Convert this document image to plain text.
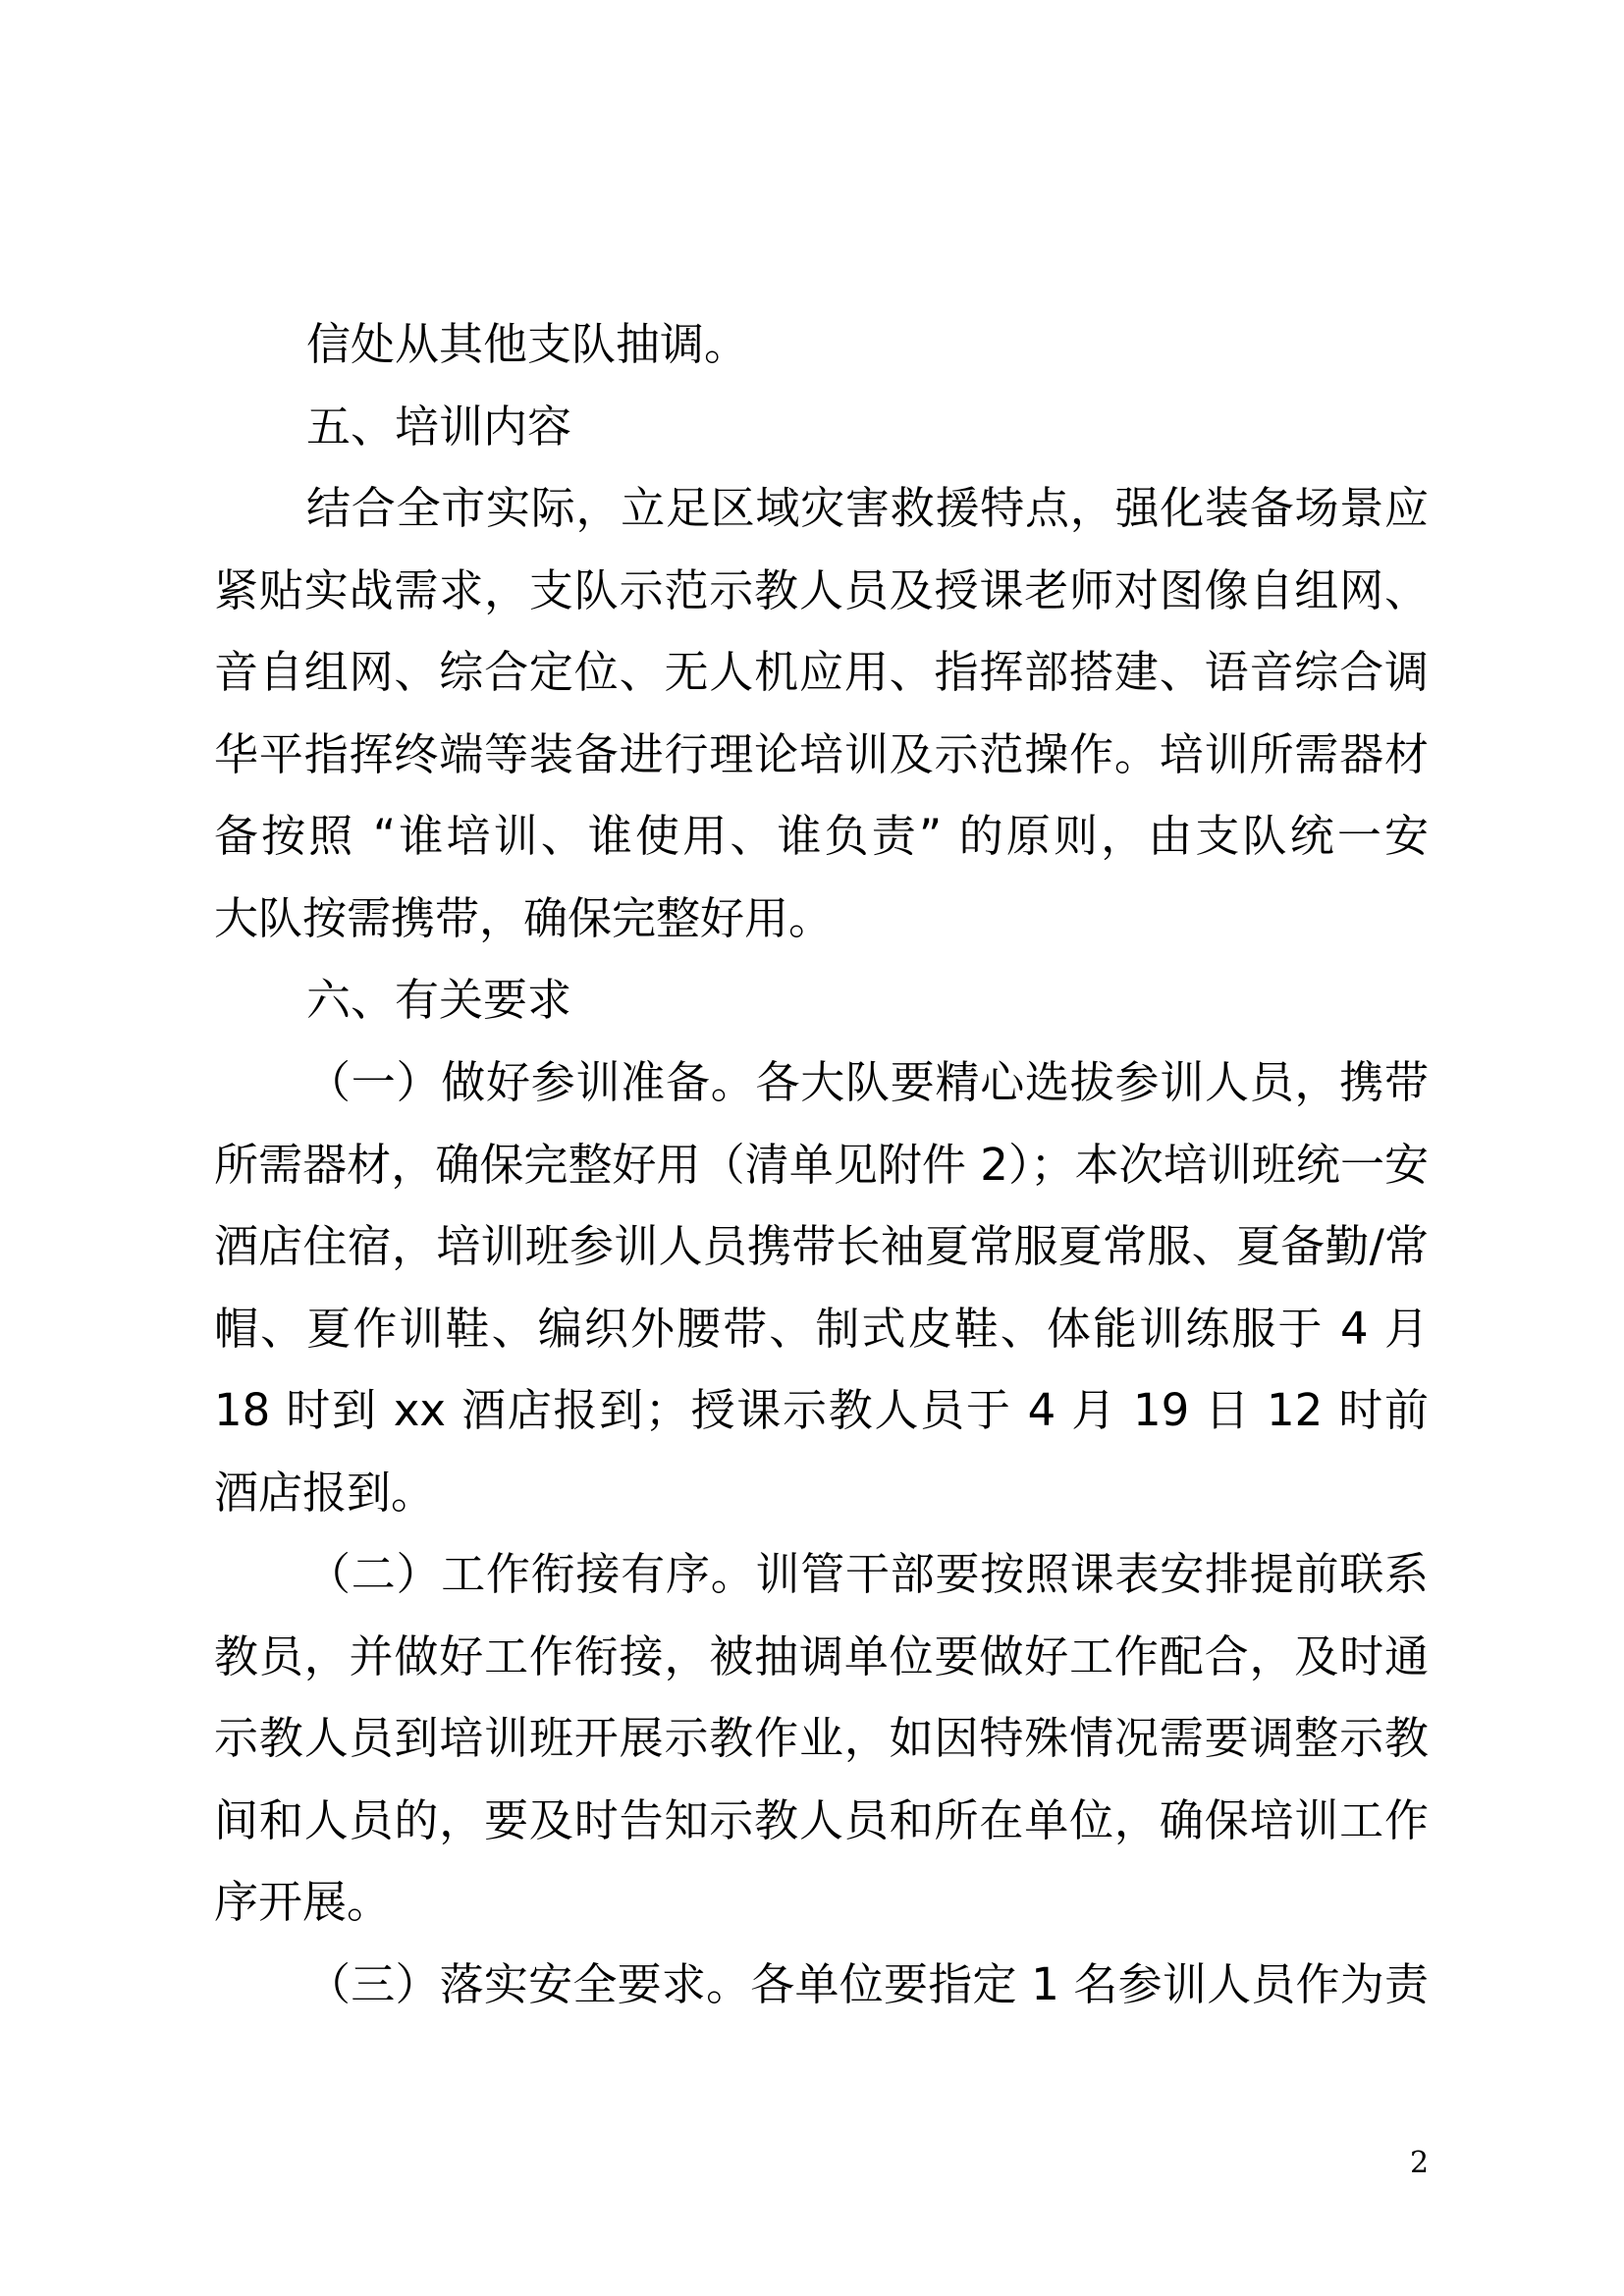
信处从其他支队抽调。
五、培训内容
结合全市实际，立足区域灾害救援特点，强化装备场景应
紧贴实战需求，支队示范示教人员及授课老师对图像自组网、
音自组网、综合定位、无人机应用、指挥部搭建、语音综合调
华平指挥终端等装备进行理论培训及示范操作。培训所需器材
备按照 “谁培训、谁使用、谁负责” 的原则，由支队统一安
大队按需携带，确保完整好用。
六、有关要求
（一）做好参训准备。各大队要精心选拔参训人员，携带
所需器材，确保完整好用（清单见附件 2）；本次培训班统一安
酒店住宿，培训班参训人员携带长袖夏常服夏常服、夏备勤/常
帽、夏作训鞋、编织外腰带、制式皮鞋、体能训练服于 4 月
18 时到 xx 酒店报到；授课示教人员于 4 月 19 日 12 时前
酒店报到。
（二）工作衔接有序。训管干部要按照课表安排提前联系
教员，并做好工作衔接，被抽调单位要做好工作配合，及时通
示教人员到培训班开展示教作业，如因特殊情况需要调整示教
间和人员的，要及时告知示教人员和所在单位，确保培训工作
序开展。
（三）落实安全要求。各单位要指定 1 名参训人员作为责
2
